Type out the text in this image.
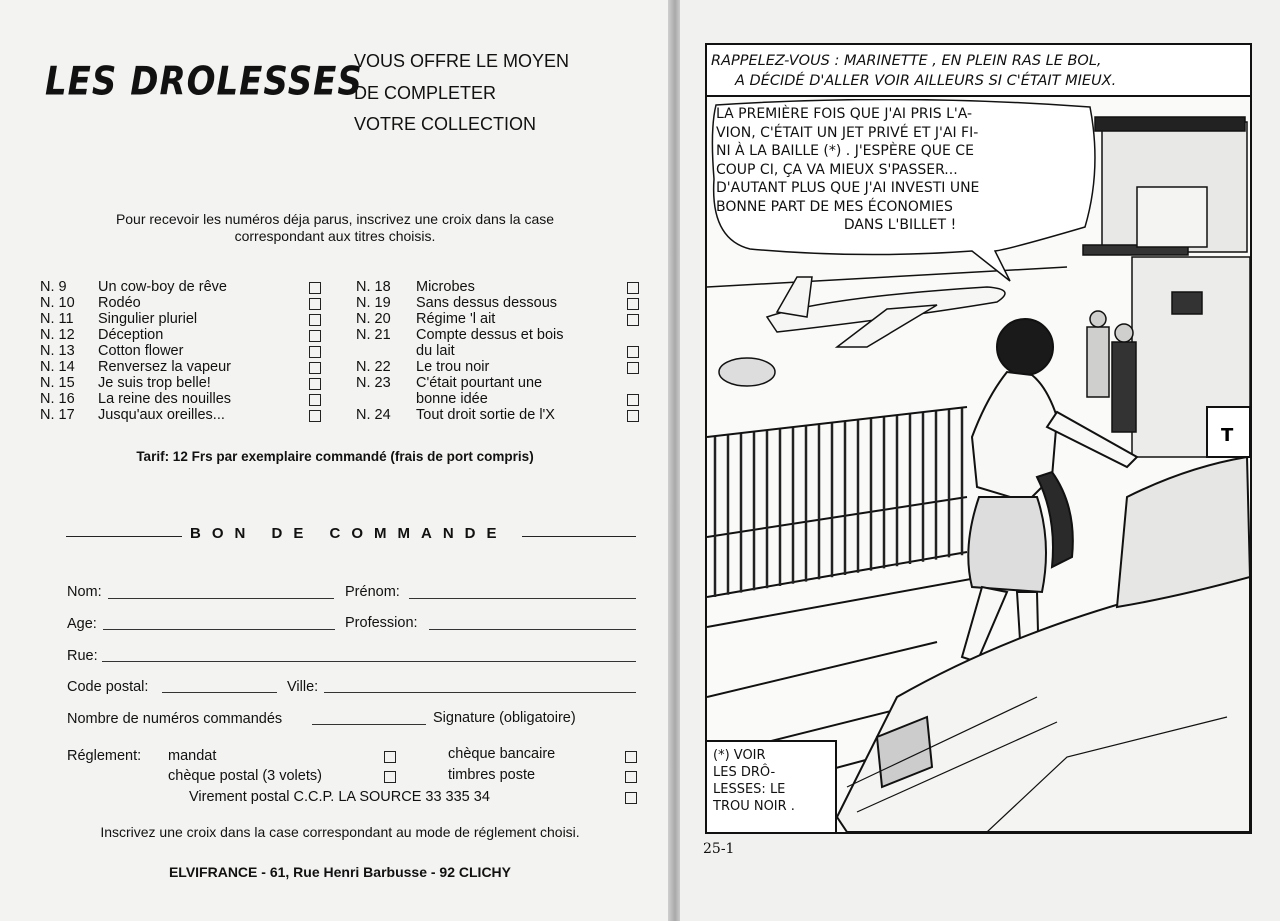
LES DROLESSES
VOUS OFFRE LE MOYEN
DE COMPLETER
VOTRE COLLECTION
Pour recevoir les numéros déja parus, inscrivez une croix dans la case
correspondant aux titres choisis.
N. 9 Un cow-boy de rêve
N. 10 Rodéo
N. 11 Singulier pluriel
N. 12 Déception
N. 13 Cotton flower
N. 14 Renversez la vapeur
N. 15 Je suis trop belle!
N. 16 La reine des nouilles
N. 17 Jusqu'aux oreilles...
N. 18 Microbes
N. 19 Sans dessus dessous
N. 20 Régime 'l ait
N. 21 Compte dessus et bois
du lait
N. 22 Le trou noir
N. 23 C'était pourtant une
bonne idée
N. 24 Tout droit sortie de l'X
Tarif: 12 Frs par exemplaire commandé (frais de port compris)
BON DE COMMANDE
Nom:	Prénom:
Age:	Profession:
Rue:
Code postal:	Ville:
Nombre de numéros commandés	Signature (obligatoire)
Réglement: mandat	chèque bancaire
chèque postal (3 volets)	timbres poste
Virement postal C.C.P. LA SOURCE 33 335 34
Inscrivez une croix dans la case correspondant au mode de réglement choisi.
ELVIFRANCE - 61, Rue Henri Barbusse - 92 CLICHY
T
RAPPELEZ-VOUS : MARINETTE , EN PLEIN RAS LE BOL,
A DÉCIDÉ D'ALLER VOIR AILLEURS SI C'ÉTAIT MIEUX.
LA PREMIÈRE FOIS QUE J'AI PRIS L'A-
VION, C'ÉTAIT UN JET PRIVÉ ET J'AI FI-
NI À LA BAILLE (*) . J'ESPÈRE QUE CE
COUP CI, ÇA VA MIEUX S'PASSER...
D'AUTANT PLUS QUE J'AI INVESTI UNE
BONNE PART DE MES ÉCONOMIES
DANS L'BILLET !
(*) VOIR
LES DRÔ-
LESSES: LE
TROU NOIR .
25-1
